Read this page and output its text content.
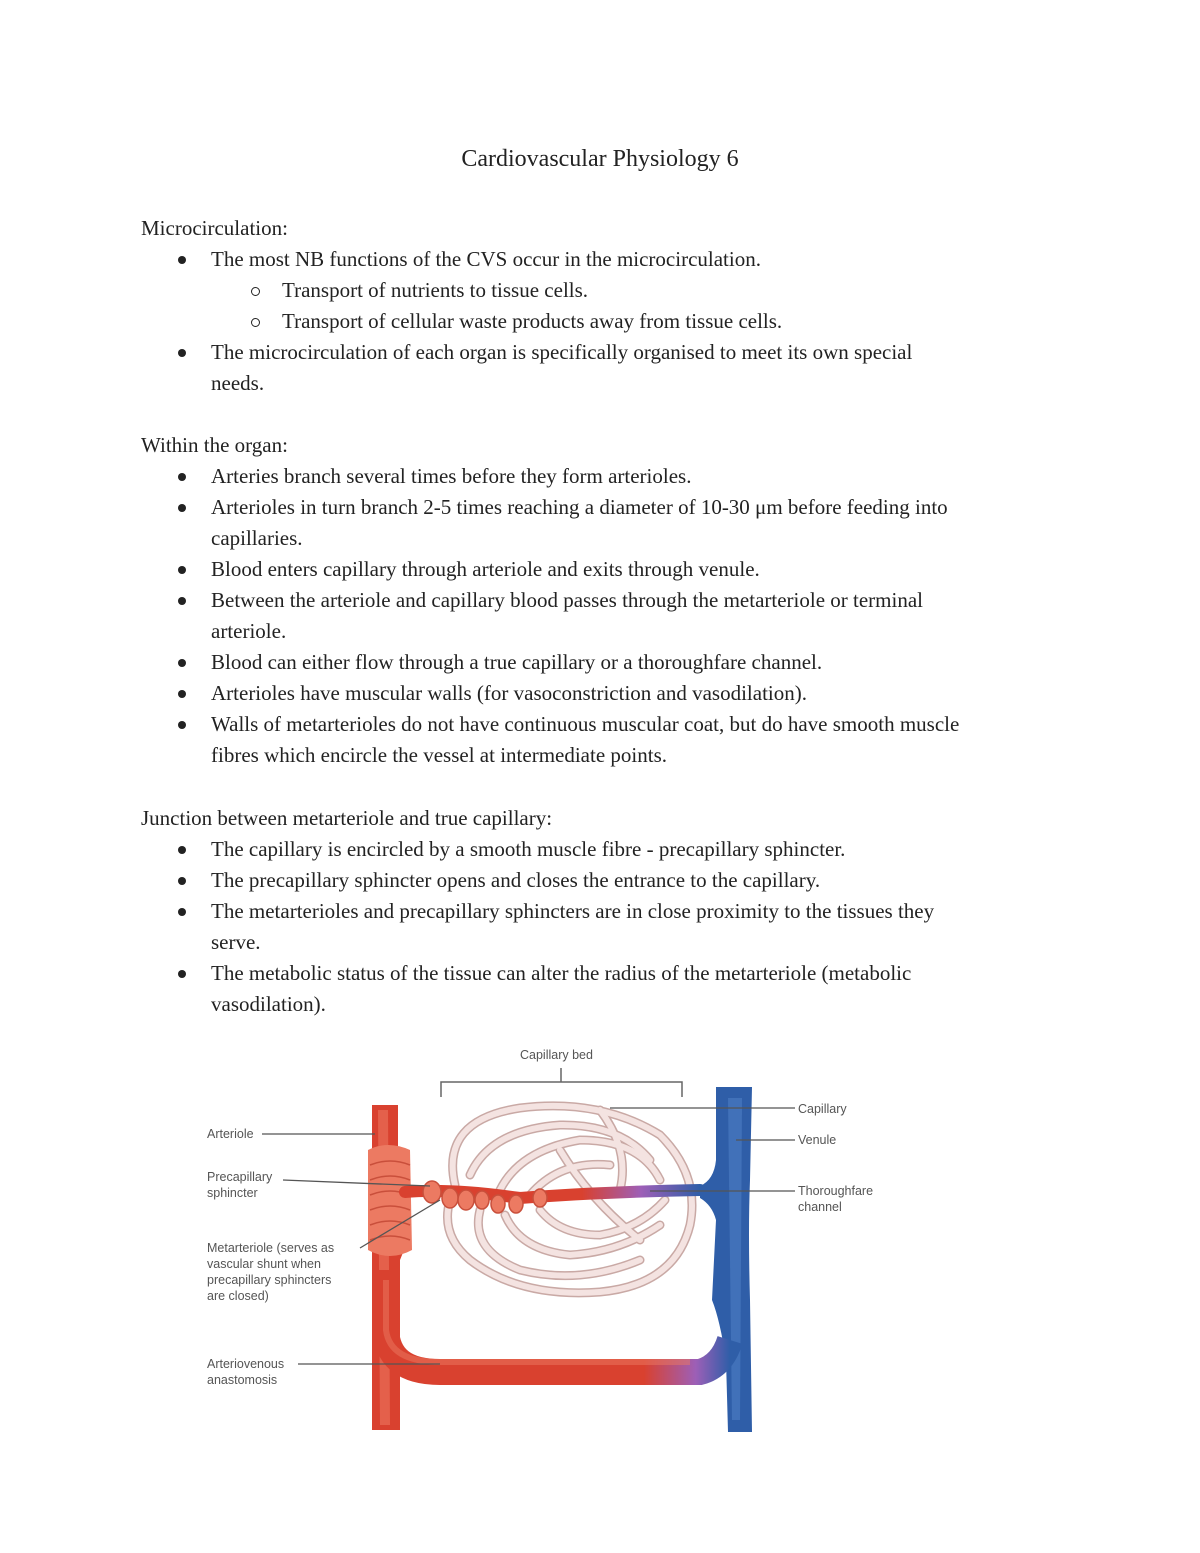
Cardiovascular Physiology 6
Microcirculation:
The most NB functions of the CVS occur in the microcirculation.
Transport of nutrients to tissue cells.
Transport of cellular waste products away from tissue cells.
The microcirculation of each organ is specifically organised to meet its own special
needs.
Within the organ:
Arteries branch several times before they form arterioles.
Arterioles in turn branch 2-5 times reaching a diameter of 10-30 μm before feeding into
capillaries.
Blood enters capillary through arteriole and exits through venule.
Between the arteriole and capillary blood passes through the metarteriole or terminal
arteriole.
Blood can either flow through a true capillary or a thoroughfare channel.
Arterioles have muscular walls (for vasoconstriction and vasodilation).
Walls of metarterioles do not have continuous muscular coat, but do have smooth muscle
fibres which encircle the vessel at intermediate points.
Junction between metarteriole and true capillary:
The capillary is encircled by a smooth muscle fibre - precapillary sphincter.
The precapillary sphincter opens and closes the entrance to the capillary.
The metarterioles and precapillary sphincters are in close proximity to the tissues they
serve.
The metabolic status of the tissue can alter the radius of the metarteriole (metabolic
vasodilation).
Capillary bed
Arteriole
Precapillary
sphincter
Metarteriole (serves as
vascular shunt when
precapillary sphincters
are closed)
Arteriovenous
anastomosis
Capillary
Venule
Thoroughfare
channel
